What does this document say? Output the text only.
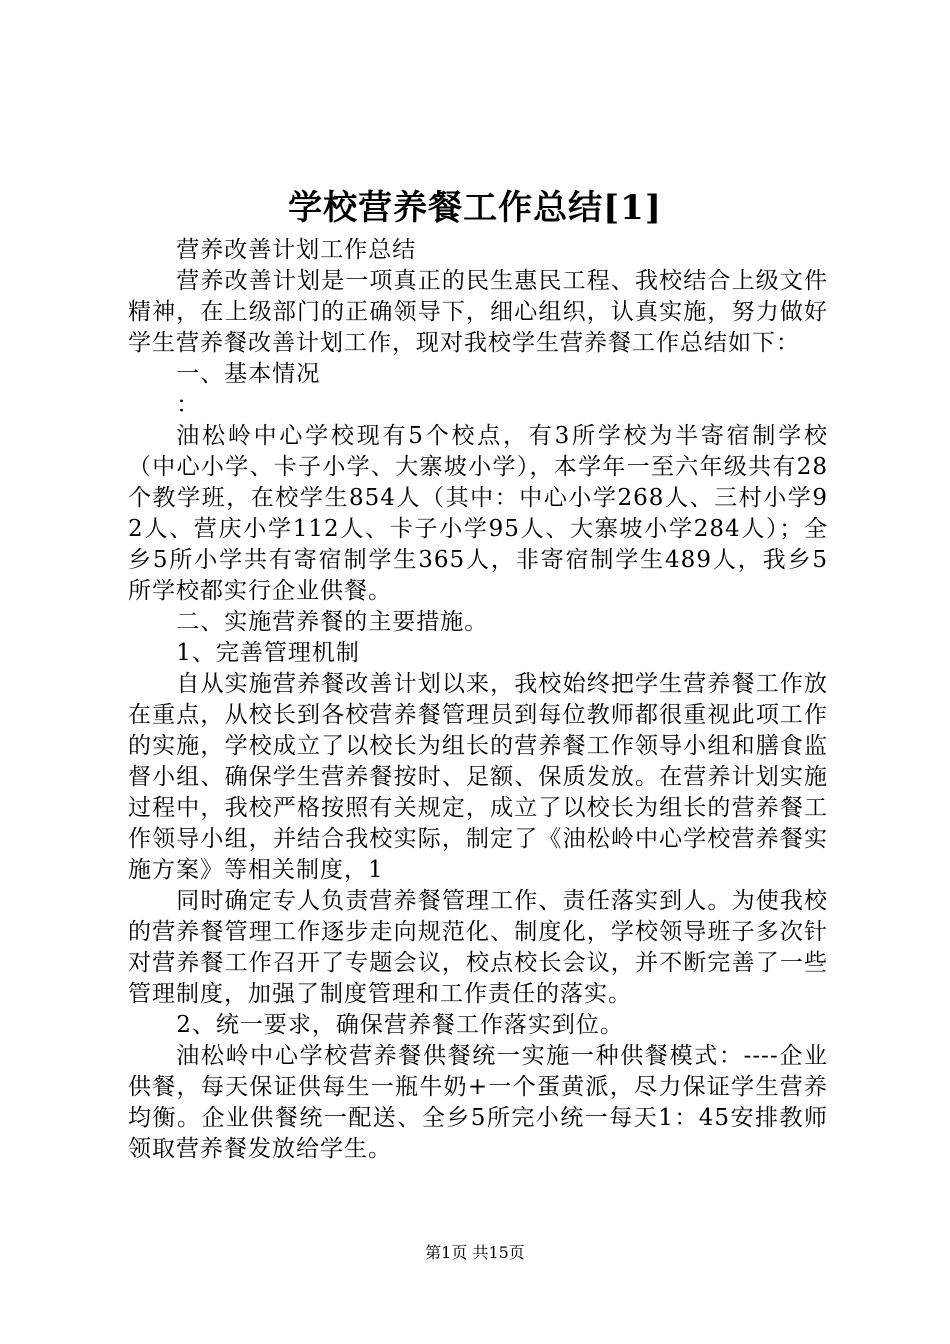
学校营养餐工作总结[1]

营养改善计划工作总结

营养改善计划是一项真正的民生惠民工程、我校结合上级文件精神，在上级部门的正确领导下，细心组织，认真实施，努力做好学生营养餐改善计划工作，现对我校学生营养餐工作总结如下：

一、基本情况

：

油松岭中心学校现有5个校点，有3所学校为半寄宿制学校（中心小学、卡子小学、大寨坡小学），本学年一至六年级共有28个教学班，在校学生854人（其中：中心小学268人、三村小学92人、营庆小学112人、卡子小学95人、大寨坡小学284人）；全乡5所小学共有寄宿制学生365人，非寄宿制学生489人，我乡5所学校都实行企业供餐。

二、实施营养餐的主要措施。

1、完善管理机制

自从实施营养餐改善计划以来，我校始终把学生营养餐工作放在重点，从校长到各校营养餐管理员到每位教师都很重视此项工作的实施，学校成立了以校长为组长的营养餐工作领导小组和膳食监督小组、确保学生营养餐按时、足额、保质发放。在营养计划实施过程中，我校严格按照有关规定，成立了以校长为组长的营养餐工作领导小组，并结合我校实际，制定了《油松岭中心学校营养餐实施方案》等相关制度，1

同时确定专人负责营养餐管理工作、责任落实到人。为使我校的营养餐管理工作逐步走向规范化、制度化，学校领导班子多次针对营养餐工作召开了专题会议，校点校长会议，并不断完善了一些管理制度，加强了制度管理和工作责任的落实。

2、统一要求，确保营养餐工作落实到位。

油松岭中心学校营养餐供餐统一实施一种供餐模式：----企业供餐，每天保证供每生一瓶牛奶+一个蛋黄派，尽力保证学生营养均衡。企业供餐统一配送、全乡5所完小统一每天1：45安排教师领取营养餐发放给学生。

第1页 共15页
